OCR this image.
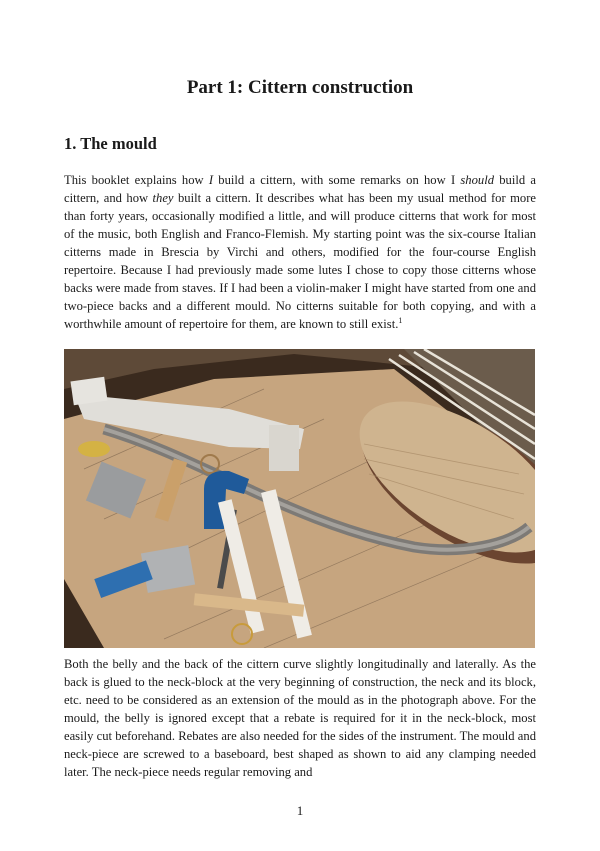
Part 1: Cittern construction
1. The mould

This booklet explains how I build a cittern, with some remarks on how I should build a cittern, and how they built a cittern. It describes what has been my usual method for more than forty years, occasionally modified a little, and will produce citterns that work for most of the music, both English and Franco-Flemish. My starting point was the six-course Italian citterns made in Brescia by Virchi and others, modified for the four-course English repertoire. Because I had previously made some lutes I chose to copy those citterns whose backs were made from staves. If I had been a violin-maker I might have started from one and two-piece backs and a different mould. No citterns suitable for both copying, and with a worthwhile amount of repertoire for them, are known to still exist.$^1$

Both the belly and the back of the cittern curve slightly longitudinally and laterally. As the back is glued to the neck-block at the very beginning of construction, the neck and its block, etc. need to be considered as an extension of the mould as in the photograph above. For the mould, the belly is ignored except that a rebate is required for it in the neck-block, most easily cut beforehand. Rebates are also needed for the sides of the instrument. The mould and neck-piece are screwed to a baseboard, best shaped as shown to aid any clamping needed later. The neck-piece needs regular removing and

1
